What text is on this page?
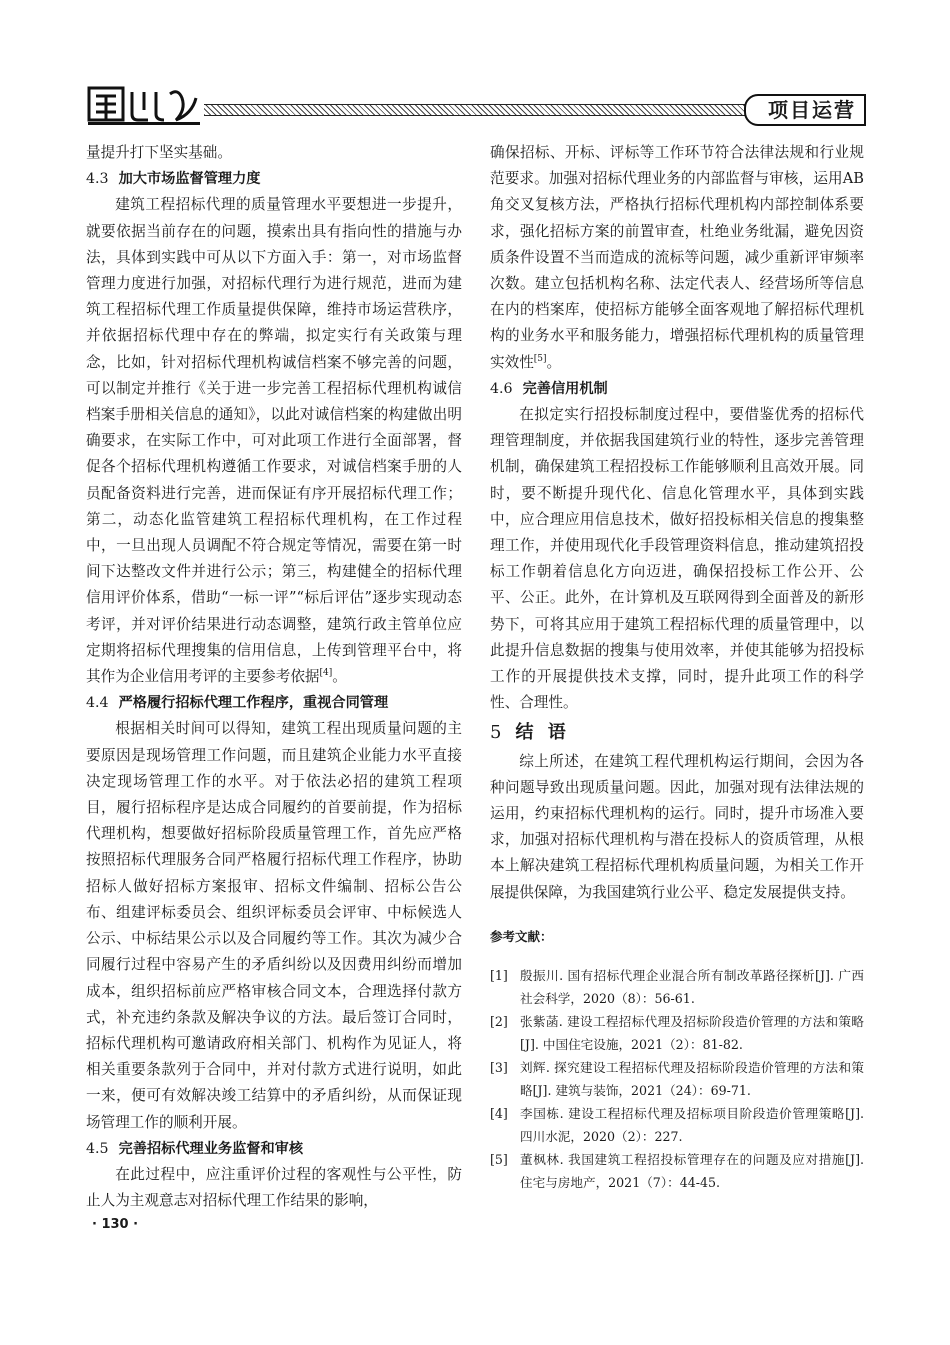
项目运营

量提升打下坚实基础。

4.3 加大市场监督管理力度

建筑工程招标代理的质量管理水平要想进一步提升，就要依据当前存在的问题，摸索出具有指向性的措施与办法，具体到实践中可从以下方面入手：第一，对市场监督管理力度进行加强，对招标代理行为进行规范，进而为建筑工程招标代理工作质量提供保障，维持市场运营秩序，并依据招标代理中存在的弊端，拟定实行有关政策与理念，比如，针对招标代理机构诚信档案不够完善的问题，可以制定并推行《关于进一步完善工程招标代理机构诚信档案手册相关信息的通知》，以此对诚信档案的构建做出明确要求，在实际工作中，可对此项工作进行全面部署，督促各个招标代理机构遵循工作要求，对诚信档案手册的人员配备资料进行完善，进而保证有序开展招标代理工作；第二，动态化监管建筑工程招标代理机构，在工作过程中，一旦出现人员调配不符合规定等情况，需要在第一时间下达整改文件并进行公示；第三，构建健全的招标代理信用评价体系，借助“一标一评”“标后评估”逐步实现动态考评，并对评价结果进行动态调整，建筑行政主管单位应定期将招标代理搜集的信用信息，上传到管理平台中，将其作为企业信用考评的主要参考依据[4]。

4.4 严格履行招标代理工作程序，重视合同管理

根据相关时间可以得知，建筑工程出现质量问题的主要原因是现场管理工作问题，而且建筑企业能力水平直接决定现场管理工作的水平。对于依法必招的建筑工程项目，履行招标程序是达成合同履约的首要前提，作为招标代理机构，想要做好招标阶段质量管理工作，首先应严格按照招标代理服务合同严格履行招标代理工作程序，协助招标人做好招标方案报审、招标文件编制、招标公告公布、组建评标委员会、组织评标委员会评审、中标候选人公示、中标结果公示以及合同履约等工作。其次为减少合同履行过程中容易产生的矛盾纠纷以及因费用纠纷而增加成本，组织招标前应严格审核合同文本，合理选择付款方式，补充违约条款及解决争议的方法。最后签订合同时，招标代理机构可邀请政府相关部门、机构作为见证人，将相关重要条款列于合同中，并对付款方式进行说明，如此一来，便可有效解决竣工结算中的矛盾纠纷，从而保证现场管理工作的顺利开展。

4.5 完善招标代理业务监督和审核

在此过程中，应注重评价过程的客观性与公平性，防止人为主观意志对招标代理工作结果的影响，

确保招标、开标、评标等工作环节符合法律法规和行业规范要求。加强对招标代理业务的内部监督与审核，运用AB角交叉复核方法，严格执行招标代理机构内部控制体系要求，强化招标方案的前置审查，杜绝业务纰漏，避免因资质条件设置不当而造成的流标等问题，减少重新评审频率次数。建立包括机构名称、法定代表人、经营场所等信息在内的档案库，使招标方能够全面客观地了解招标代理机构的业务水平和服务能力，增强招标代理机构的质量管理实效性[5]。

4.6 完善信用机制

在拟定实行招投标制度过程中，要借鉴优秀的招标代理管理制度，并依据我国建筑行业的特性，逐步完善管理机制，确保建筑工程招投标工作能够顺利且高效开展。同时，要不断提升现代化、信息化管理水平，具体到实践中，应合理应用信息技术，做好招投标相关信息的搜集整理工作，并使用现代化手段管理资料信息，推动建筑招投标工作朝着信息化方向迈进，确保招投标工作公开、公平、公正。此外，在计算机及互联网得到全面普及的新形势下，可将其应用于建筑工程招标代理的质量管理中，以此提升信息数据的搜集与使用效率，并使其能够为招投标工作的开展提供技术支撑，同时，提升此项工作的科学性、合理性。

5 结 语

综上所述，在建筑工程代理机构运行期间，会因为各种问题导致出现质量问题。因此，加强对现有法律法规的运用，约束招标代理机构的运行。同时，提升市场准入要求，加强对招标代理机构与潜在投标人的资质管理，从根本上解决建筑工程招标代理机构质量问题，为相关工作开展提供保障，为我国建筑行业公平、稳定发展提供支持。

参考文献：
[1] 殷振川. 国有招标代理企业混合所有制改革路径探析[J]. 广西社会科学，2020（8）：56-61.
[2] 张紫菡. 建设工程招标代理及招标阶段造价管理的方法和策略[J]. 中国住宅设施，2021（2）：81-82.
[3] 刘辉. 探究建设工程招标代理及招标阶段造价管理的方法和策略[J]. 建筑与装饰，2021（24）：69-71.
[4] 李国栋. 建设工程招标代理及招标项目阶段造价管理策略[J]. 四川水泥，2020（2）：227.
[5] 董枫林. 我国建筑工程招投标管理存在的问题及应对措施[J]. 住宅与房地产，2021（7）：44-45.
· 130 ·
